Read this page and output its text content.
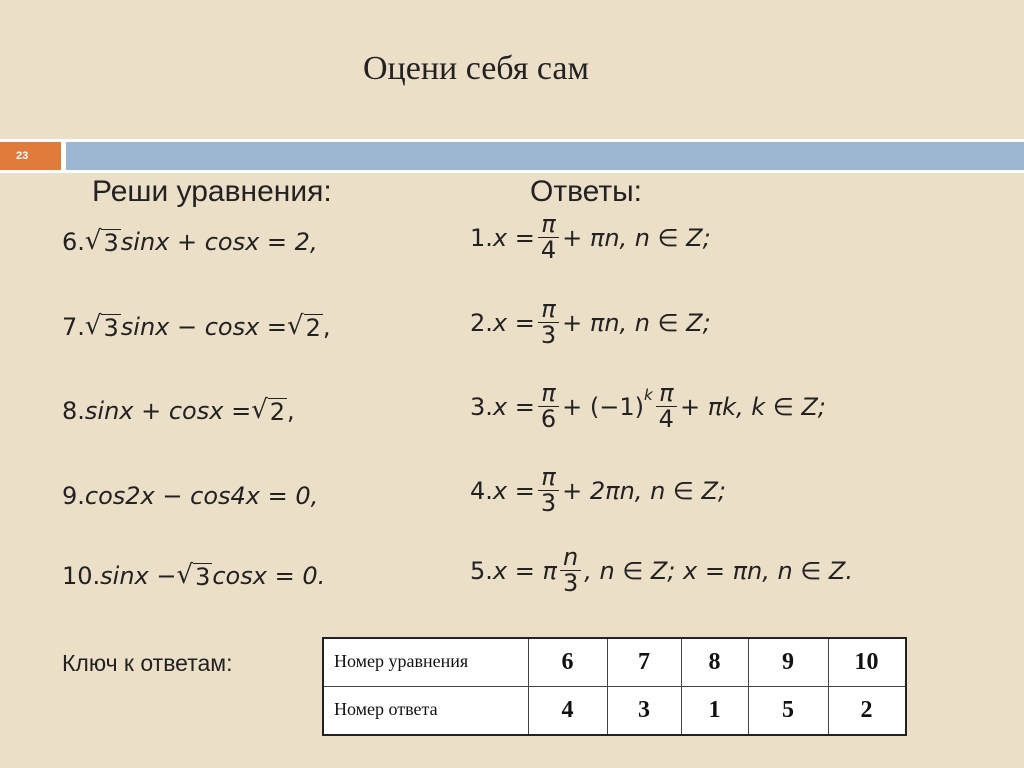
Оцени себя сам
23
Реши уравнения:	Ответы:
6. √ 3 sinx + cosx = 2,
7. √ 3 sinx − cosx = √ 2 ,
8. sinx + cosx = √ 2 ,
9. cos2x − cos4x = 0,
10. sinx − √ 3 cosx = 0.
1. $x = \frac{\pi}{4} + \pi n$, n ∈ Z;
2. $x = \frac{\pi}{3} + \pi n$, n ∈ Z;
3. $x = \frac{\pi}{6} + (-1)$ k $\frac{\pi}{4} + \pi k$, k ∈ Z;
4. $x = \frac{\pi}{3} + 2\pi n$, n ∈ Z;
5. x = π $\frac{n}{3}$ , n ∈ Z; x = πn, n ∈ Z.
Ключ к ответам:	Номер уравнения	6	7	8	9	10
Номер ответа	4	3	1	5	2
